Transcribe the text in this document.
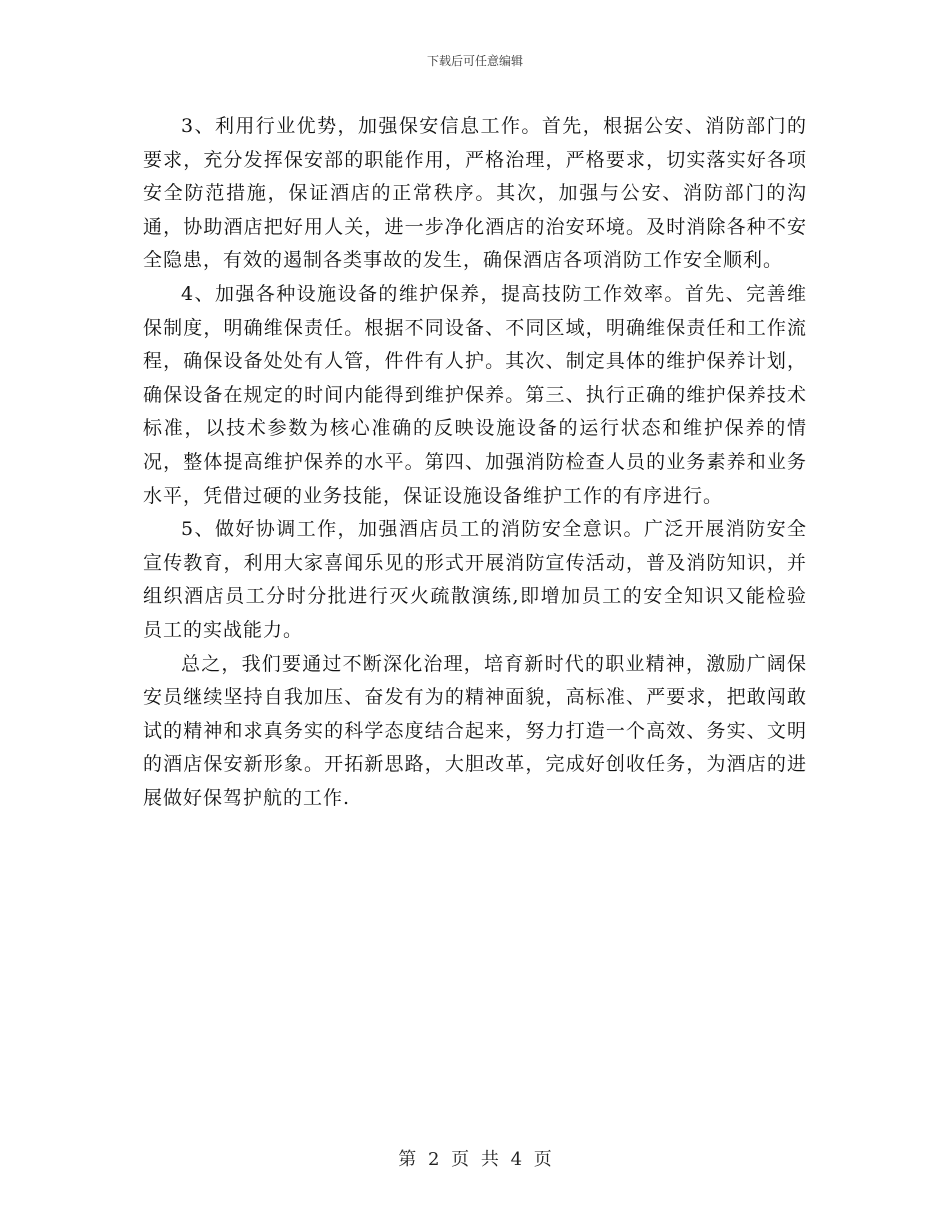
下载后可任意编辑

3、利用行业优势，加强保安信息工作。首先，根据公安、消防部门的要求，充分发挥保安部的职能作用，严格治理，严格要求，切实落实好各项安全防范措施，保证酒店的正常秩序。其次，加强与公安、消防部门的沟通，协助酒店把好用人关，进一步净化酒店的治安环境。及时消除各种不安全隐患，有效的遏制各类事故的发生，确保酒店各项消防工作安全顺利。

4、加强各种设施设备的维护保养，提高技防工作效率。首先、完善维保制度，明确维保责任。根据不同设备、不同区域，明确维保责任和工作流程，确保设备处处有人管，件件有人护。其次、制定具体的维护保养计划，确保设备在规定的时间内能得到维护保养。第三、执行正确的维护保养技术标准，以技术参数为核心准确的反映设施设备的运行状态和维护保养的情况，整体提高维护保养的水平。第四、加强消防检查人员的业务素养和业务水平，凭借过硬的业务技能，保证设施设备维护工作的有序进行。

5、做好协调工作，加强酒店员工的消防安全意识。广泛开展消防安全宣传教育，利用大家喜闻乐见的形式开展消防宣传活动，普及消防知识，并组织酒店员工分时分批进行灭火疏散演练,即增加员工的安全知识又能检验员工的实战能力。

总之，我们要通过不断深化治理，培育新时代的职业精神，激励广阔保安员继续坚持自我加压、奋发有为的精神面貌，高标准、严要求，把敢闯敢试的精神和求真务实的科学态度结合起来，努力打造一个高效、务实、文明的酒店保安新形象。开拓新思路，大胆改革，完成好创收任务，为酒店的进展做好保驾护航的工作.

第 2 页 共 4 页
